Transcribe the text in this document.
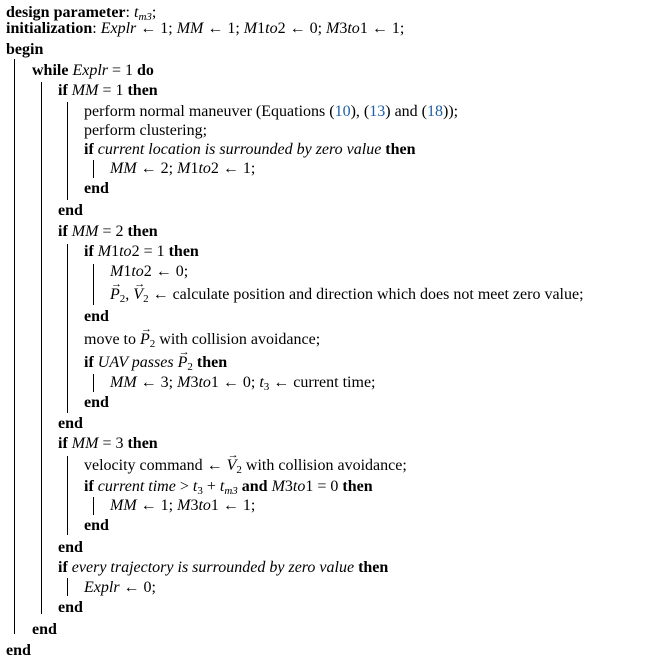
design parameter: $t_{m3}$;
initialization: Explr ← 1; MM ← 1; M1to2 ← 0; M3to1 ← 1;
begin
while Explr = 1 do
if MM = 1 then
perform normal maneuver (Equations (10), (13) and (18));
perform clustering;
if current location is surrounded by zero value then
MM ← 2; M1to2 ← 1;
end
end
if MM = 2 then
if M1to2 = 1 then
M1to2 ← 0;
→ $P_2$, → $V_2$ ← calculate position and direction which does not meet zero value;
end
move to → $P_2$ with collision avoidance;
if UAV passes → $P_2$ then
MM ← 3; M3to1 ← 0; $t_3$ ← current time;
end
end
if MM = 3 then
velocity command ← → $V_2$ with collision avoidance;
if current time > $t_3 + t_{m3}$ and M3to1 = 0 then
MM ← 1; M3to1 ← 1;
end
end
if every trajectory is surrounded by zero value then
Explr ← 0;
end
end
end
